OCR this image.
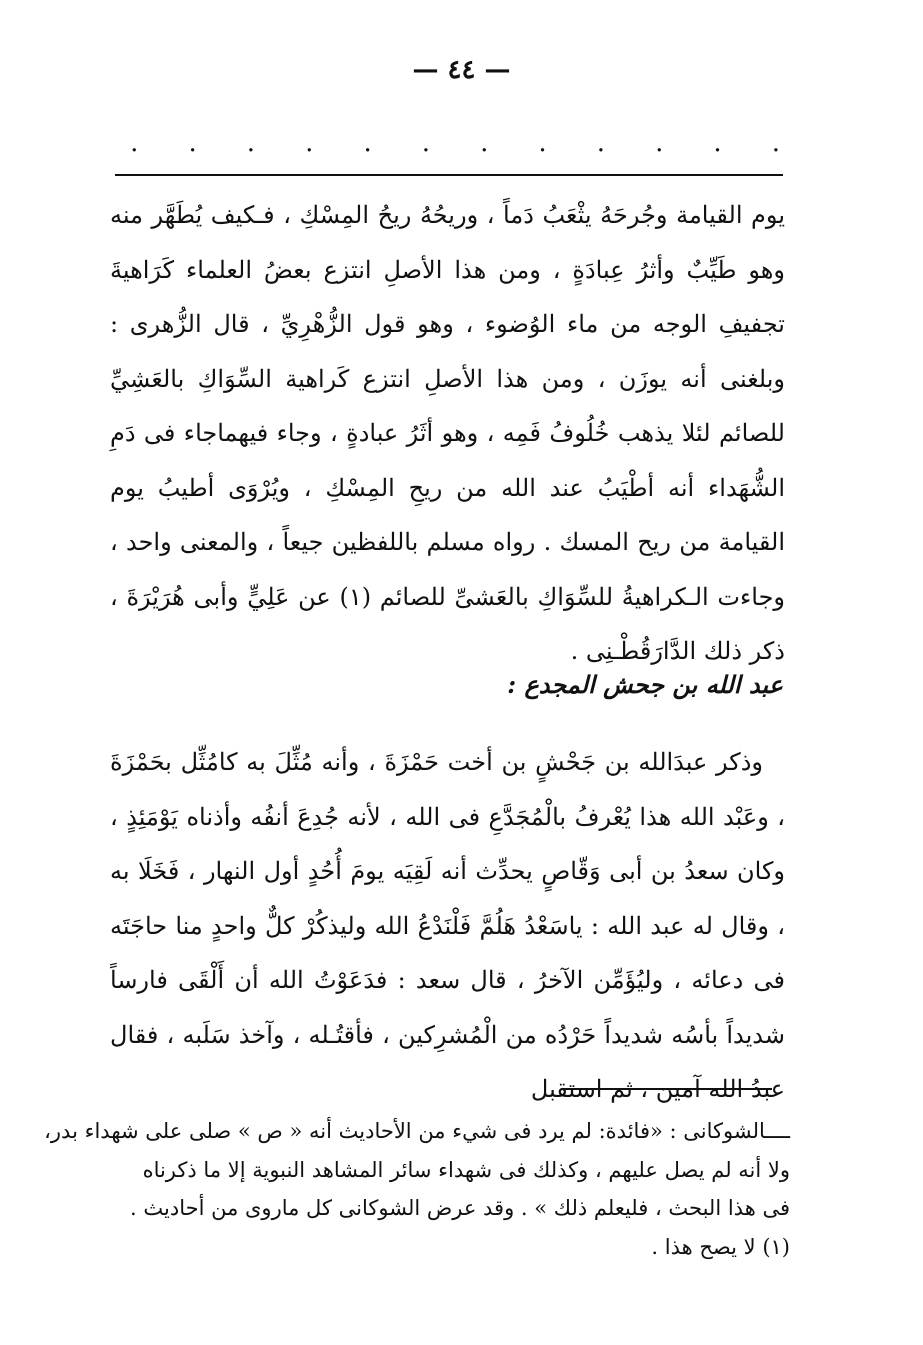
— ٤٤ —
.
.
.
.
.
.
.
.
.
.
.
.

يوم القيامة وجُرحَهُ يثْعَبُ دَماً ، وريحُهُ ريحُ المِسْكِ ، فـكيف يُطَهَّر منه وهو طَيِّبٌ وأثرُ عِبادَةٍ ، ومن هذا الأصلِ انتزع بعضُ العلماء كَرَاهيةَ تجفيفِ الوجه من ماء الوُضوء ، وهو قول الزُّهْرِيِّ ، قال الزُّهرى : وبلغنى أنه يوزَن ، ومن هذا الأصلِ انتزع كَراهية السِّوَاكِ بالعَشِيِّ للصائم لئلا يذهب خُلُوفُ فَمِه ، وهو أثَرُ عبادةٍ ، وجاء فيهماجاء فى دَمِ الشُّهَداء أنه أطْيَبُ عند الله من ريحِ المِسْكِ ، ويُرْوَى أطيبُ يوم القيامة من ريح المسك . رواه مسلم باللفظين جيعاً ، والمعنى واحد ، وجاءت الـكراهيةُ للسِّوَاكِ بالعَشىِّ للصائم (١) عن عَلِيٍّ وأبى هُرَيْرَةَ ، ذكر ذلك الدَّارَقُطْـنِى .

عبد الله بن جحش المجدع :

وذكر عبدَالله بن جَحْشٍ بن أخت حَمْزَةَ ، وأنه مُثِّلَ به كامُثِّل بحَمْزَةَ ، وعَبْد الله هذا يُعْرفُ بالْمُجَدَّعِ فى الله ، لأنه جُدِعَ أنفُه وأذناه يَوْمَئِذٍ ، وكان سعدُ بن أبى وَقّاصٍ يحدِّث أنه لَقِيَه يومَ أُحُدٍ أول النهار ، فَخَلَا به ، وقال له عبد الله : ياسَعْدُ هَلُمَّ فَلْنَدْعُ الله وليذكُرْ كلٌّ واحدٍ منا حاجَتَه فى دعائه ، وليُؤَمِّن الآخرُ ، قال سعد : فدَعَوْتُ الله أن أَلْقَى فارساً شديداً بأسُه شديداً حَرْدُه من الْمُشرِكين ، فأقتُـله ، وآخذ سَلَبه ، فقال عبدُ الله آمين ، ثم استقبل

ــــالشوكانى : «فائدة: لم يرد فى شيء من الأحاديث أنه « ص » صلى على شهداء بدر،
ولا أنه لم يصل عليهم ، وكذلك فى شهداء سائر المشاهد النبوية إلا ما ذكرناه
فى هذا البحث ، فليعلم ذلك » . وقد عرض الشوكانى كل ماروى من أحاديث .
(١) لا يصح هذا .
